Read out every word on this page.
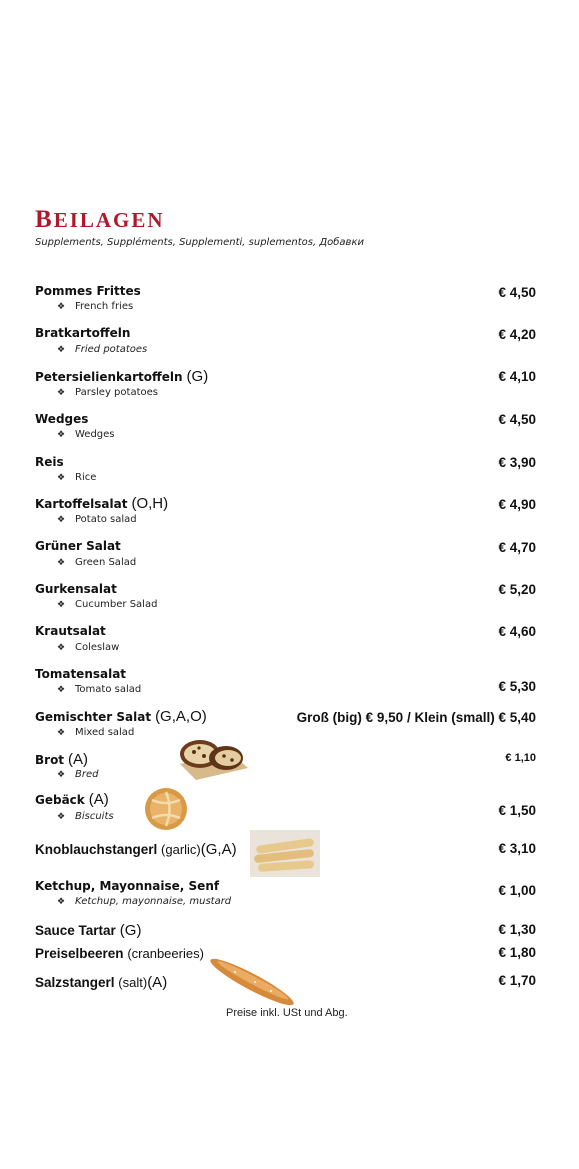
BEILAGEN
Supplements, Suppléments, Supplementi, suplementos, Добавки
Pommes Frittes
❖ French fries
€ 4,50
Bratkartoffeln
❖ Fried potatoes
€ 4,20
Petersielienkartoffeln (G)
❖ Parsley potatoes
€ 4,10
Wedges
❖ Wedges
€ 4,50
Reis
❖ Rice
€ 3,90
Kartoffelsalat (O,H)
❖ Potato salad
€ 4,90
Grüner Salat
❖ Green Salad
€ 4,70
Gurkensalat
❖ Cucumber Salad
€ 5,20
Krautsalat
❖ Coleslaw
€ 4,60
Tomatensalat
❖ Tomato salad	€ 5,30
Gemischter Salat (G,A,O)
❖ Mixed salad
Groß (big) € 9,50 / Klein (small) € 5,40
Brot (A)
❖ Bred
€ 1,10
Gebäck (A)
❖ Biscuits	€ 1,50
Knoblauchstangerl (garlic)(G,A)	€ 3,10
Ketchup, Mayonnaise, Senf
❖ Ketchup, mayonnaise, mustard
€ 1,00
Sauce Tartar (G)	€ 1,30
Preiselbeeren (cranbeeries)	€ 1,80
Salzstangerl (salt)(A)	€ 1,70
Preise inkl. USt und Abg.
